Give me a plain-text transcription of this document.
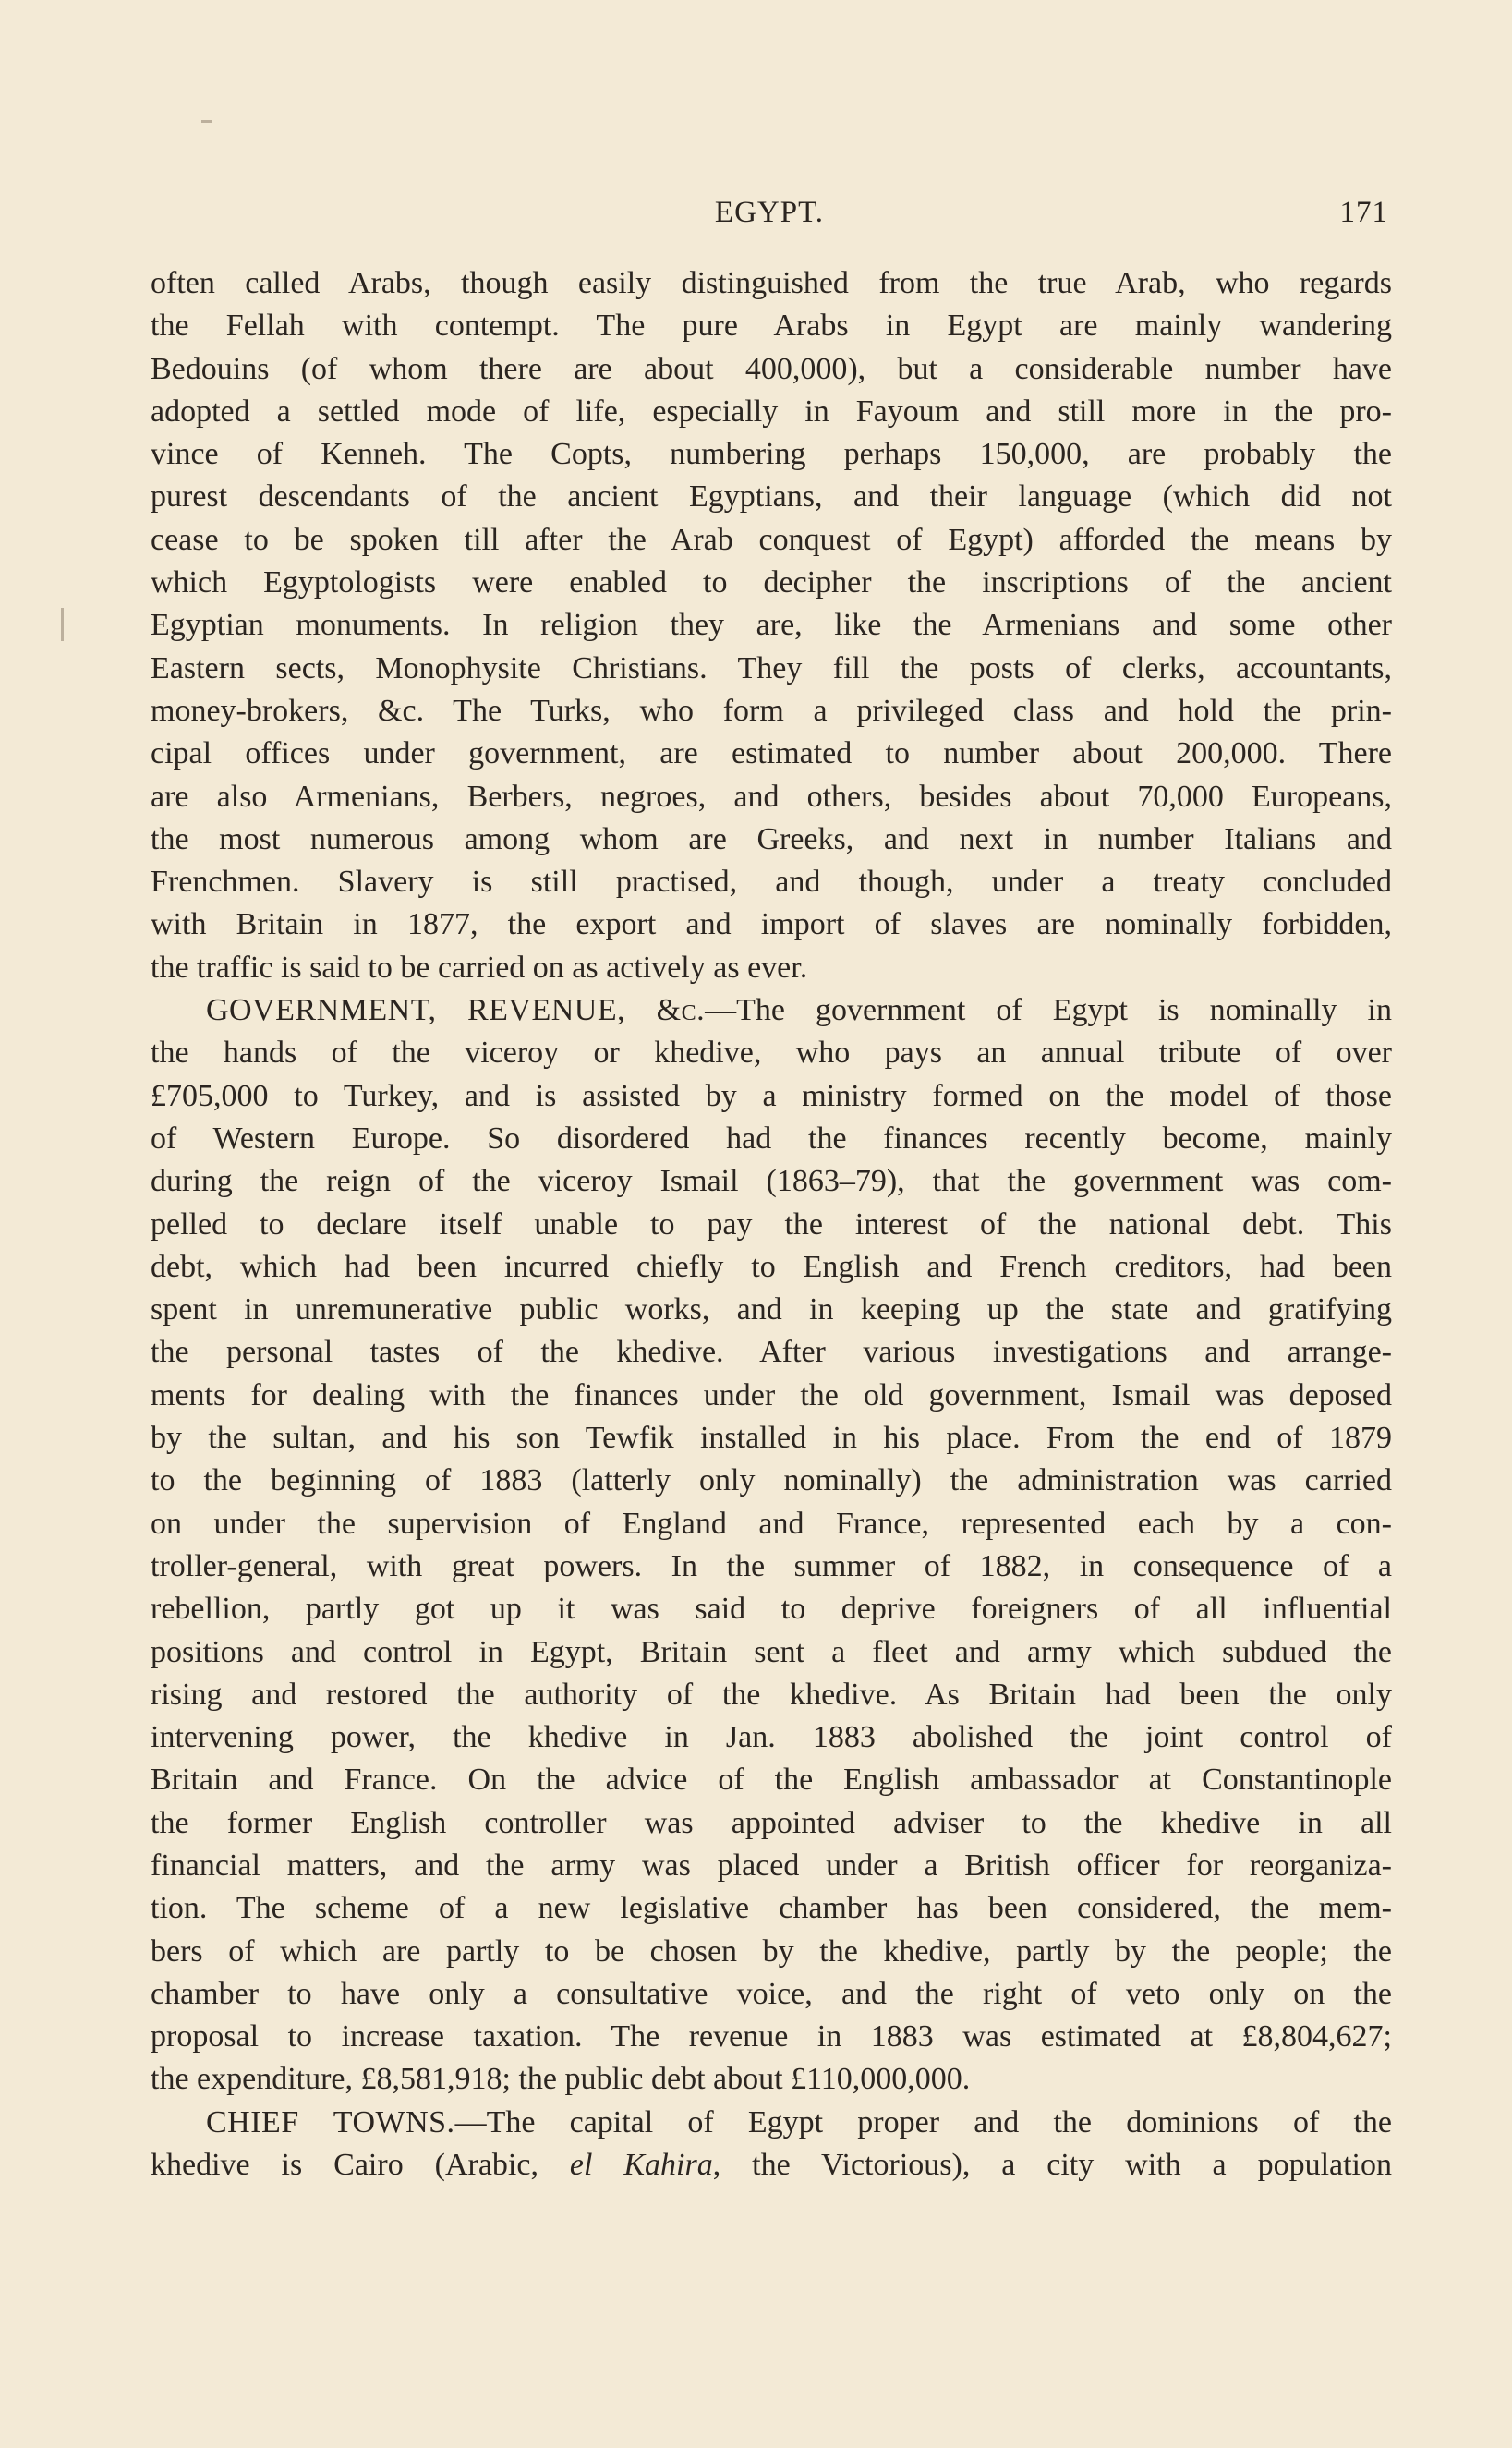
EGYPT.	171
often called Arabs, though easily distinguished from the true Arab, who regards
the Fellah with contempt. The pure Arabs in Egypt are mainly wandering
Bedouins (of whom there are about 400,000), but a considerable number have
adopted a settled mode of life, especially in Fayoum and still more in the pro-
vince of Kenneh. The Copts, numbering perhaps 150,000, are probably the
purest descendants of the ancient Egyptians, and their language (which did not
cease to be spoken till after the Arab conquest of Egypt) afforded the means by
which Egyptologists were enabled to decipher the inscriptions of the ancient
Egyptian monuments. In religion they are, like the Armenians and some other
Eastern sects, Monophysite Christians. They fill the posts of clerks, accountants,
money-brokers, &c. The Turks, who form a privileged class and hold the prin-
cipal offices under government, are estimated to number about 200,000. There
are also Armenians, Berbers, negroes, and others, besides about 70,000 Europeans,
the most numerous among whom are Greeks, and next in number Italians and
Frenchmen. Slavery is still practised, and though, under a treaty concluded
with Britain in 1877, the export and import of slaves are nominally forbidden,
the traffic is said to be carried on as actively as ever.
GOVERNMENT, REVENUE, &c.—The government of Egypt is nominally in
the hands of the viceroy or khedive, who pays an annual tribute of over
£705,000 to Turkey, and is assisted by a ministry formed on the model of those
of Western Europe. So disordered had the finances recently become, mainly
during the reign of the viceroy Ismail (1863–79), that the government was com-
pelled to declare itself unable to pay the interest of the national debt. This
debt, which had been incurred chiefly to English and French creditors, had been
spent in unremunerative public works, and in keeping up the state and gratifying
the personal tastes of the khedive. After various investigations and arrange-
ments for dealing with the finances under the old government, Ismail was deposed
by the sultan, and his son Tewfik installed in his place. From the end of 1879
to the beginning of 1883 (latterly only nominally) the administration was carried
on under the supervision of England and France, represented each by a con-
troller-general, with great powers. In the summer of 1882, in consequence of a
rebellion, partly got up it was said to deprive foreigners of all influential
positions and control in Egypt, Britain sent a fleet and army which subdued the
rising and restored the authority of the khedive. As Britain had been the only
intervening power, the khedive in Jan. 1883 abolished the joint control of
Britain and France. On the advice of the English ambassador at Constantinople
the former English controller was appointed adviser to the khedive in all
financial matters, and the army was placed under a British officer for reorganiza-
tion. The scheme of a new legislative chamber has been considered, the mem-
bers of which are partly to be chosen by the khedive, partly by the people; the
chamber to have only a consultative voice, and the right of veto only on the
proposal to increase taxation. The revenue in 1883 was estimated at £8,804,627;
the expenditure, £8,581,918; the public debt about £110,000,000.
CHIEF TOWNS.—The capital of Egypt proper and the dominions of the
khedive is Cairo (Arabic, el Kahira, the Victorious), a city with a population
